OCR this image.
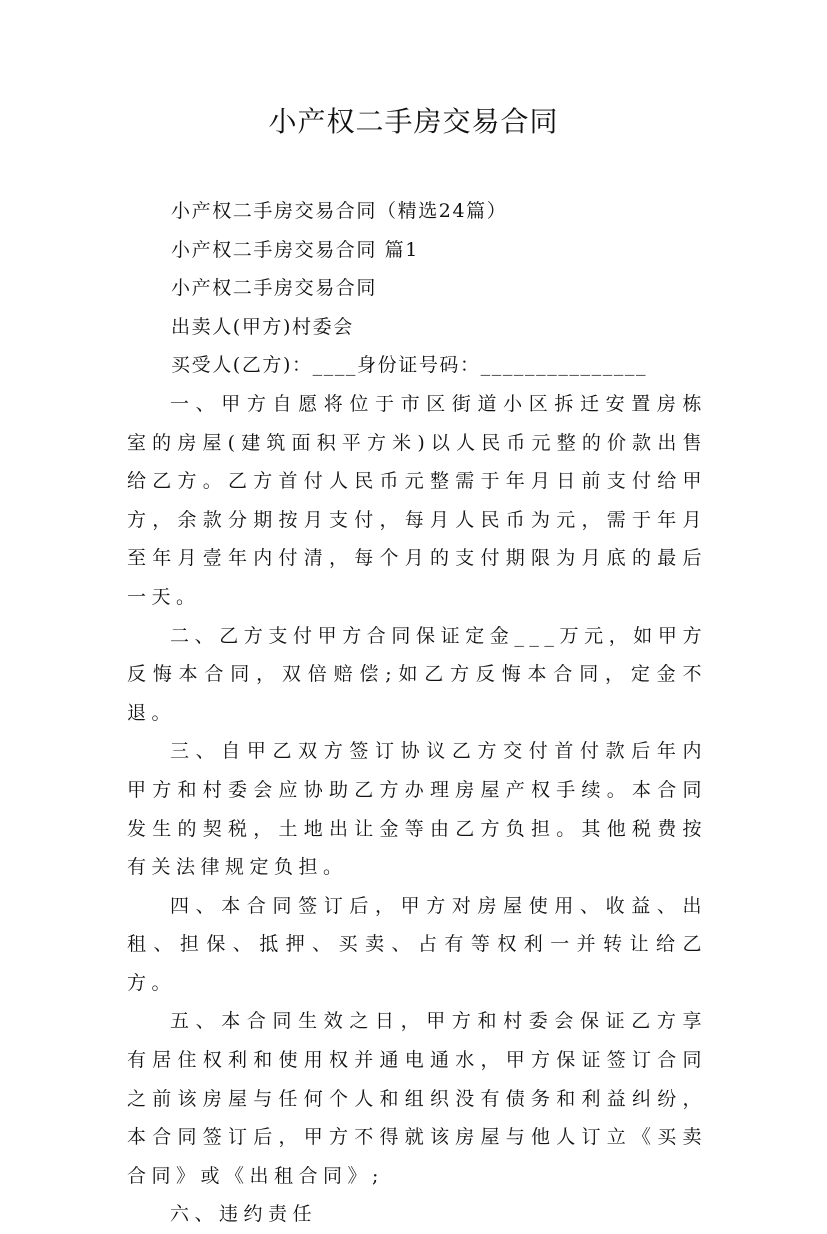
小产权二手房交易合同

小产权二手房交易合同（精选24篇）

小产权二手房交易合同 篇1

小产权二手房交易合同

出卖人(甲方)村委会

买受人(乙方)：____身份证号码：_______________

一、甲方自愿将位于市区街道小区拆迁安置房栋室的房屋(建筑面积平方米)以人民币元整的价款出售给乙方。乙方首付人民币元整需于年月日前支付给甲方，余款分期按月支付，每月人民币为元，需于年月至年月壹年内付清，每个月的支付期限为月底的最后一天。

二、乙方支付甲方合同保证定金___万元，如甲方反悔本合同，双倍赔偿;如乙方反悔本合同，定金不退。

三、自甲乙双方签订协议乙方交付首付款后年内甲方和村委会应协助乙方办理房屋产权手续。本合同发生的契税，土地出让金等由乙方负担。其他税费按有关法律规定负担。

四、本合同签订后，甲方对房屋使用、收益、出租、担保、抵押、买卖、占有等权利一并转让给乙方。

五、本合同生效之日，甲方和村委会保证乙方享有居住权利和使用权并通电通水，甲方保证签订合同之前该房屋与任何个人和组织没有债务和利益纠纷，本合同签订后，甲方不得就该房屋与他人订立《买卖合同》或《出租合同》;

六、违约责任
